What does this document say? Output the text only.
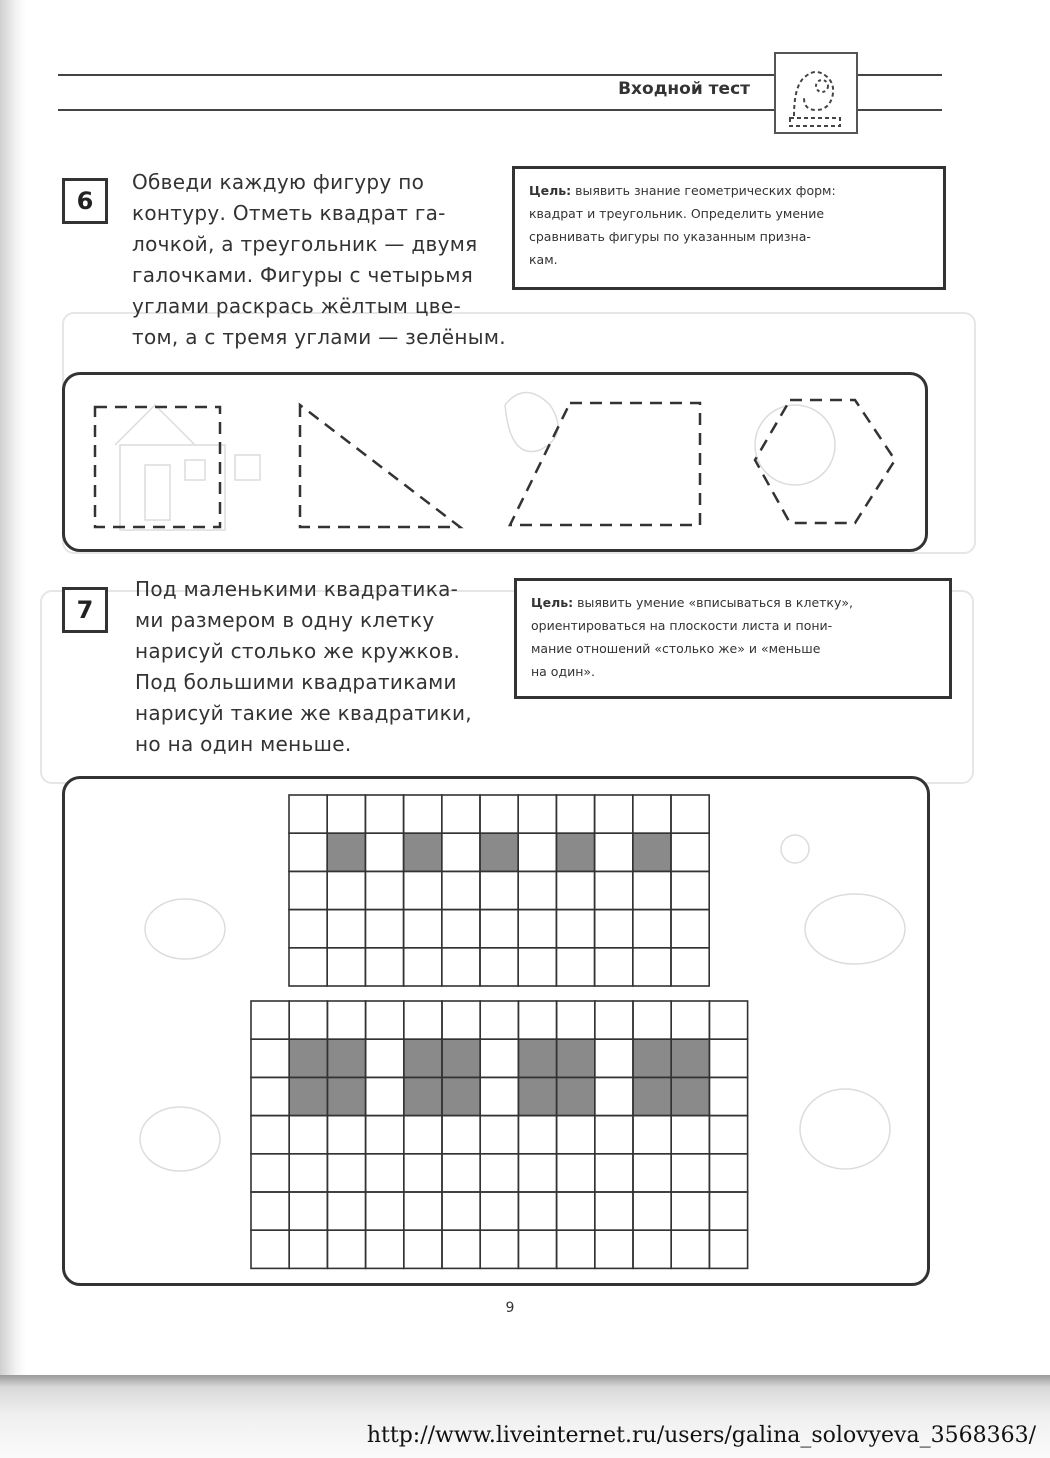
Входной тест
6

Обведи каждую фигуру по

контуру. Отметь квадрат га-

лочкой, а треугольник — двумя

галочками. Фигуры с четырьмя

углами раскрась жёлтым цве-

том, а с тремя углами — зелёным.

Цель: выявить знание геометрических форм:
квадрат и треугольник. Определить умение
сравнивать фигуры по указанным призна-
кам.
7

Под маленькими квадратика-

ми размером в одну клетку

нарисуй столько же кружков.

Под большими квадратиками

нарисуй такие же квадратики,

но на один меньше.

Цель: выявить умение «вписываться в клетку»,
ориентироваться на плоскости листа и пони-
мание отношений «столько же» и «меньше
на один».
9
http://www.liveinternet.ru/users/galina_solovyeva_3568363/
